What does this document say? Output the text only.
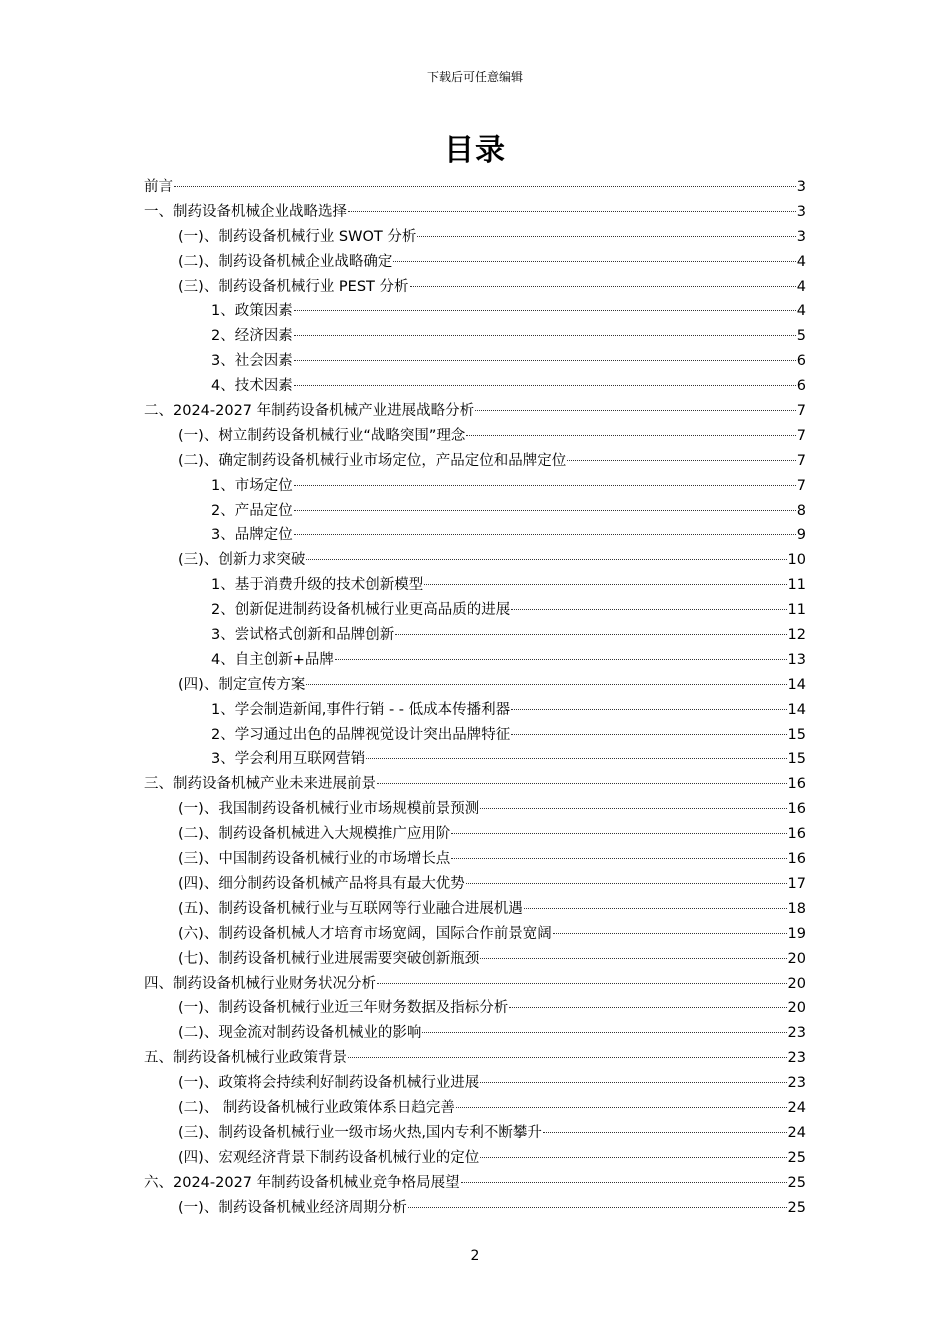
下载后可任意编辑
目录
前言	3
一、制药设备机械企业战略选择	3
(一)、制药设备机械行业 SWOT 分析	3
(二)、制药设备机械企业战略确定	4
(三)、制药设备机械行业 PEST 分析	4
1、政策因素	4
2、经济因素	5
3、社会因素	6
4、技术因素	6
二、2024-2027 年制药设备机械产业进展战略分析	7
(一)、树立制药设备机械行业“战略突围”理念	7
(二)、确定制药设备机械行业市场定位，产品定位和品牌定位	7
1、市场定位	7
2、产品定位	8
3、品牌定位	9
(三)、创新力求突破	10
1、基于消费升级的技术创新模型	11
2、创新促进制药设备机械行业更高品质的进展	11
3、尝试格式创新和品牌创新	12
4、自主创新+品牌	13
(四)、制定宣传方案	14
1、学会制造新闻,事件行销 - - 低成本传播利器	14
2、学习通过出色的品牌视觉设计突出品牌特征	15
3、学会利用互联网营销	15
三、制药设备机械产业未来进展前景	16
(一)、我国制药设备机械行业市场规模前景预测	16
(二)、制药设备机械进入大规模推广应用阶	16
(三)、中国制药设备机械行业的市场增长点	16
(四)、细分制药设备机械产品将具有最大优势	17
(五)、制药设备机械行业与互联网等行业融合进展机遇	18
(六)、制药设备机械人才培育市场宽阔，国际合作前景宽阔	19
(七)、制药设备机械行业进展需要突破创新瓶颈	20
四、制药设备机械行业财务状况分析	20
(一)、制药设备机械行业近三年财务数据及指标分析	20
(二)、现金流对制药设备机械业的影响	23
五、制药设备机械行业政策背景	23
(一)、政策将会持续利好制药设备机械行业进展	23
(二)、 制药设备机械行业政策体系日趋完善	24
(三)、制药设备机械行业一级市场火热,国内专利不断攀升	24
(四)、宏观经济背景下制药设备机械行业的定位	25
六、2024-2027 年制药设备机械业竞争格局展望	25
(一)、制药设备机械业经济周期分析	25
2
